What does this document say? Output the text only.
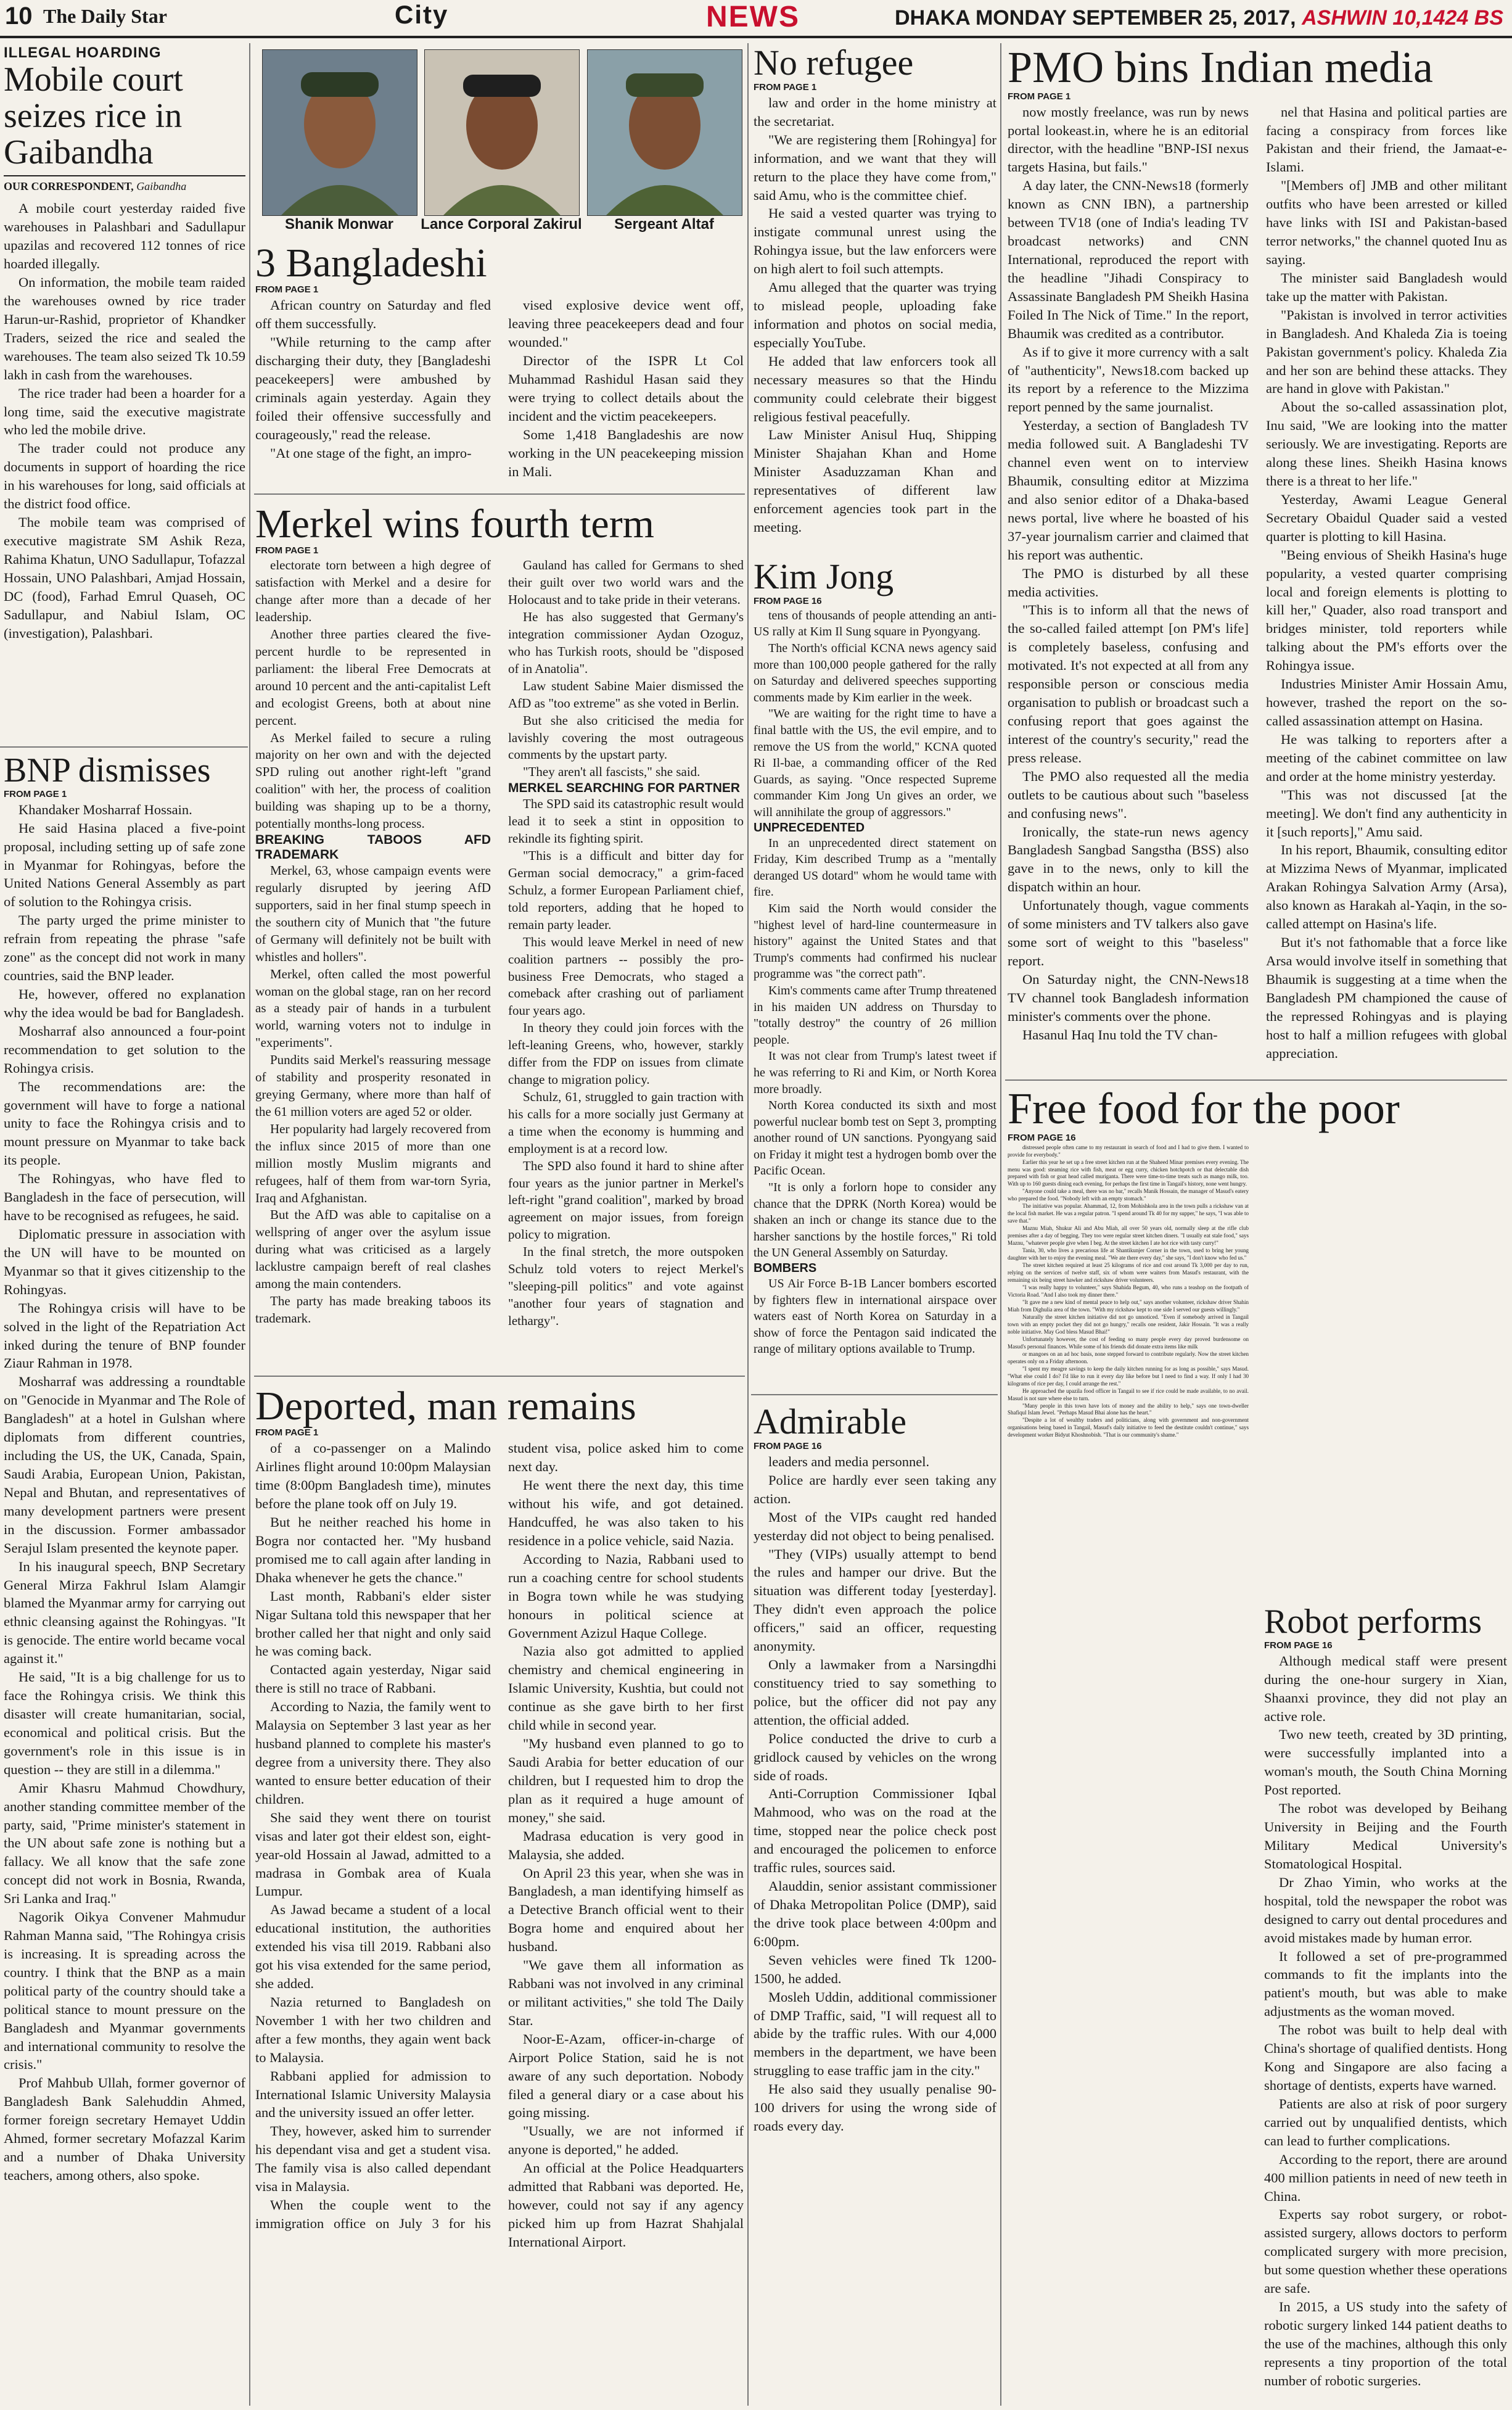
10 The Daily Star	City	NEWS	DHAKA MONDAY SEPTEMBER 25, 2017, ASHWIN 10,1424 BS
ILLEGAL HOARDING
Mobile court seizes rice in Gaibandha
OUR CORRESPONDENT, Gaibandha

A mobile court yesterday raided five warehouses in Palashbari and Sadullapur upazilas and recovered 112 tonnes of rice hoarded illegally.

On information, the mobile team raided the warehouses owned by rice trader Harun-ur-Rashid, proprietor of Khandker Traders, seized the rice and sealed the warehouses. The team also seized Tk 10.59 lakh in cash from the warehouses.

The rice trader had been a hoarder for a long time, said the executive magistrate who led the mobile drive.

The trader could not produce any documents in support of hoarding the rice in his warehouses for long, said officials at the district food office.

The mobile team was comprised of executive magistrate SM Ashik Reza, Rahima Khatun, UNO Sadullapur, Tofazzal Hossain, UNO Palashbari, Amjad Hossain, DC (food), Farhad Emrul Quaseh, OC Sadullapur, and Nabiul Islam, OC (investigation), Palashbari.

BNP dismisses
FROM PAGE 1

Khandaker Mosharraf Hossain.

He said Hasina placed a five-point proposal, including setting up of safe zone in Myanmar for Rohingyas, before the United Nations General Assembly as part of solution to the Rohingya crisis.

The party urged the prime minister to refrain from repeating the phrase "safe zone" as the concept did not work in many countries, said the BNP leader.

He, however, offered no explanation why the idea would be bad for Bangladesh.

Mosharraf also announced a four-point recommendation to get solution to the Rohingya crisis.

The recommendations are: the government will have to forge a national unity to face the Rohingya crisis and to mount pressure on Myanmar to take back its people.

The Rohingyas, who have fled to Bangladesh in the face of persecution, will have to be recognised as refugees, he said.

Diplomatic pressure in association with the UN will have to be mounted on Myanmar so that it gives citizenship to the Rohingyas.

The Rohingya crisis will have to be solved in the light of the Repatriation Act inked during the tenure of BNP founder Ziaur Rahman in 1978.

Mosharraf was addressing a roundtable on "Genocide in Myanmar and The Role of Bangladesh" at a hotel in Gulshan where diplomats from different countries, including the US, the UK, Canada, Spain, Saudi Arabia, European Union, Pakistan, Nepal and Bhutan, and representatives of many development partners were present in the discussion. Former ambassador Serajul Islam presented the keynote paper.

In his inaugural speech, BNP Secretary General Mirza Fakhrul Islam Alamgir blamed the Myanmar army for carrying out ethnic cleansing against the Rohingyas. "It is genocide. The entire world became vocal against it."

He said, "It is a big challenge for us to face the Rohingya crisis. We think this disaster will create humanitarian, social, economical and political crisis. But the government's role in this issue is in question -- they are still in a dilemma."

Amir Khasru Mahmud Chowdhury, another standing committee member of the party, said, "Prime minister's statement in the UN about safe zone is nothing but a fallacy. We all know that the safe zone concept did not work in Bosnia, Rwanda, Sri Lanka and Iraq."

Nagorik Oikya Convener Mahmudur Rahman Manna said, "The Rohingya crisis is increasing. It is spreading across the country. I think that the BNP as a main political party of the country should take a political stance to mount pressure on the Bangladesh and Myanmar governments and international community to resolve the crisis."

Prof Mahbub Ullah, former governor of Bangladesh Bank Salehuddin Ahmed, former foreign secretary Hemayet Uddin Ahmed, former secretary Mofazzal Karim and a number of Dhaka University teachers, among others, also spoke.

Shanik Monwar	Lance Corporal Zakirul	Sergeant Altaf
3 Bangladeshi
FROM PAGE 1

African country on Saturday and fled off them successfully.

"While returning to the camp after discharging their duty, they [Bangladeshi peacekeepers] were ambushed by criminals again yesterday. Again they foiled their offensive successfully and courageously," read the release.

"At one stage of the fight, an impro-

vised explosive device went off, leaving three peacekeepers dead and four wounded."

Director of the ISPR Lt Col Muhammad Rashidul Hasan said they were trying to collect details about the incident and the victim peacekeepers.

Some 1,418 Bangladeshis are now working in the UN peacekeeping mission in Mali.

Merkel wins fourth term
FROM PAGE 1

electorate torn between a high degree of satisfaction with Merkel and a desire for change after more than a decade of her leadership.

Another three parties cleared the five-percent hurdle to be represented in parliament: the liberal Free Democrats at around 10 percent and the anti-capitalist Left and ecologist Greens, both at about nine percent.

As Merkel failed to secure a ruling majority on her own and with the dejected SPD ruling out another right-left "grand coalition" with her, the process of coalition building was shaping up to be a thorny, potentially months-long process.

BREAKING TABOOS AFD TRADEMARK

Merkel, 63, whose campaign events were regularly disrupted by jeering AfD supporters, said in her final stump speech in the southern city of Munich that "the future of Germany will definitely not be built with whistles and hollers".

Merkel, often called the most powerful woman on the global stage, ran on her record as a steady pair of hands in a turbulent world, warning voters not to indulge in "experiments".

Pundits said Merkel's reassuring message of stability and prosperity resonated in greying Germany, where more than half of the 61 million voters are aged 52 or older.

Her popularity had largely recovered from the influx since 2015 of more than one million mostly Muslim migrants and refugees, half of them from war-torn Syria, Iraq and Afghanistan.

But the AfD was able to capitalise on a wellspring of anger over the asylum issue during what was criticised as a largely lacklustre campaign bereft of real clashes among the main contenders.

The party has made breaking taboos its trademark.

Gauland has called for Germans to shed their guilt over two world wars and the Holocaust and to take pride in their veterans.

He has also suggested that Germany's integration commissioner Aydan Ozoguz, who has Turkish roots, should be "disposed of in Anatolia".

Law student Sabine Maier dismissed the AfD as "too extreme" as she voted in Berlin.

But she also criticised the media for lavishly covering the most outrageous comments by the upstart party.

"They aren't all fascists," she said.

MERKEL SEARCHING FOR PARTNER

The SPD said its catastrophic result would lead it to seek a stint in opposition to rekindle its fighting spirit.

"This is a difficult and bitter day for German social democracy," a grim-faced Schulz, a former European Parliament chief, told reporters, adding that he hoped to remain party leader.

This would leave Merkel in need of new coalition partners -- possibly the pro-business Free Democrats, who staged a comeback after crashing out of parliament four years ago.

In theory they could join forces with the left-leaning Greens, who, however, starkly differ from the FDP on issues from climate change to migration policy.

Schulz, 61, struggled to gain traction with his calls for a more socially just Germany at a time when the economy is humming and employment is at a record low.

The SPD also found it hard to shine after four years as the junior partner in Merkel's left-right "grand coalition", marked by broad agreement on major issues, from foreign policy to migration.

In the final stretch, the more outspoken Schulz told voters to reject Merkel's "sleeping-pill politics" and vote against "another four years of stagnation and lethargy".

Deported, man remains
FROM PAGE 1

of a co-passenger on a Malindo Airlines flight around 10:00pm Malaysian time (8:00pm Bangladesh time), minutes before the plane took off on July 19.

But he neither reached his home in Bogra nor contacted her. "My husband promised me to call again after landing in Dhaka whenever he gets the chance."

Last month, Rabbani's elder sister Nigar Sultana told this newspaper that her brother called her that night and only said he was coming back.

Contacted again yesterday, Nigar said there is still no trace of Rabbani.

According to Nazia, the family went to Malaysia on September 3 last year as her husband planned to complete his master's degree from a university there. They also wanted to ensure better education of their children.

She said they went there on tourist visas and later got their eldest son, eight-year-old Hossain al Jawad, admitted to a madrasa in Gombak area of Kuala Lumpur.

As Jawad became a student of a local educational institution, the authorities extended his visa till 2019. Rabbani also got his visa extended for the same period, she added.

Nazia returned to Bangladesh on November 1 with her two children and after a few months, they again went back to Malaysia.

Rabbani applied for admission to International Islamic University Malaysia and the university issued an offer letter.

They, however, asked him to surrender his dependant visa and get a student visa. The family visa is also called dependant visa in Malaysia.

When the couple went to the immigration office on July 3 for his student visa, police asked him to come next day.

He went there the next day, this time without his wife, and got detained. Handcuffed, he was also taken to his residence in a police vehicle, said Nazia.

According to Nazia, Rabbani used to run a coaching centre for school students in Bogra town while he was studying honours in political science at Government Azizul Haque College.

Nazia also got admitted to applied chemistry and chemical engineering in Islamic University, Kushtia, but could not continue as she gave birth to her first child while in second year.

"My husband even planned to go to Saudi Arabia for better education of our children, but I requested him to drop the plan as it required a huge amount of money," she said.

Madrasa education is very good in Malaysia, she added.

On April 23 this year, when she was in Bangladesh, a man identifying himself as a Detective Branch official went to their Bogra home and enquired about her husband.

"We gave them all information as Rabbani was not involved in any criminal or militant activities," she told The Daily Star.

Noor-E-Azam, officer-in-charge of Airport Police Station, said he is not aware of any such deportation. Nobody filed a general diary or a case about his going missing.

"Usually, we are not informed if anyone is deported," he added.

An official at the Police Headquarters admitted that Rabbani was deported. He, however, could not say if any agency picked him up from Hazrat Shahjalal International Airport.

No refugee
FROM PAGE 1

law and order in the home ministry at the secretariat.

"We are registering them [Rohingya] for information, and we want that they will return to the place they have come from," said Amu, who is the committee chief.

He said a vested quarter was trying to instigate communal unrest using the Rohingya issue, but the law enforcers were on high alert to foil such attempts.

Amu alleged that the quarter was trying to mislead people, uploading fake information and photos on social media, especially YouTube.

He added that law enforcers took all necessary measures so that the Hindu community could celebrate their biggest religious festival peacefully.

Law Minister Anisul Huq, Shipping Minister Shajahan Khan and Home Minister Asaduzzaman Khan and representatives of different law enforcement agencies took part in the meeting.

Kim Jong
FROM PAGE 16

tens of thousands of people attending an anti-US rally at Kim Il Sung square in Pyongyang.

The North's official KCNA news agency said more than 100,000 people gathered for the rally on Saturday and delivered speeches supporting comments made by Kim earlier in the week.

"We are waiting for the right time to have a final battle with the US, the evil empire, and to remove the US from the world," KCNA quoted Ri Il-bae, a commanding officer of the Red Guards, as saying. "Once respected Supreme commander Kim Jong Un gives an order, we will annihilate the group of aggressors."

UNPRECEDENTED

In an unprecedented direct statement on Friday, Kim described Trump as a "mentally deranged US dotard" whom he would tame with fire.

Kim said the North would consider the "highest level of hard-line countermeasure in history" against the United States and that Trump's comments had confirmed his nuclear programme was "the correct path".

Kim's comments came after Trump threatened in his maiden UN address on Thursday to "totally destroy" the country of 26 million people.

It was not clear from Trump's latest tweet if he was referring to Ri and Kim, or North Korea more broadly.

North Korea conducted its sixth and most powerful nuclear bomb test on Sept 3, prompting another round of UN sanctions. Pyongyang said on Friday it might test a hydrogen bomb over the Pacific Ocean.

"It is only a forlorn hope to consider any chance that the DPRK (North Korea) would be shaken an inch or change its stance due to the harsher sanctions by the hostile forces," Ri told the UN General Assembly on Saturday.

BOMBERS

US Air Force B-1B Lancer bombers escorted by fighters flew in international airspace over waters east of North Korea on Saturday in a show of force the Pentagon said indicated the range of military options available to Trump.

Admirable
FROM PAGE 16

leaders and media personnel.

Police are hardly ever seen taking any action.

Most of the VIPs caught red handed yesterday did not object to being penalised.

"They (VIPs) usually attempt to bend the rules and hamper our drive. But the situation was different today [yesterday]. They didn't even approach the police officers," said an officer, requesting anonymity.

Only a lawmaker from a Narsingdhi constituency tried to say something to police, but the officer did not pay any attention, the official added.

Police conducted the drive to curb a gridlock caused by vehicles on the wrong side of roads.

Anti-Corruption Commissioner Iqbal Mahmood, who was on the road at the time, stopped near the police check post and encouraged the policemen to enforce traffic rules, sources said.

Alauddin, senior assistant commissioner of Dhaka Metropolitan Police (DMP), said the drive took place between 4:00pm and 6:00pm.

Seven vehicles were fined Tk 1200-1500, he added.

Mosleh Uddin, additional commissioner of DMP Traffic, said, "I will request all to abide by the traffic rules. With our 4,000 members in the department, we have been struggling to ease traffic jam in the city."

He also said they usually penalise 90-100 drivers for using the wrong side of roads every day.

PMO bins Indian media
FROM PAGE 1

now mostly freelance, was run by news portal lookeast.in, where he is an editorial director, with the headline "BNP-ISI nexus targets Hasina, but fails."

A day later, the CNN-News18 (formerly known as CNN IBN), a partnership between TV18 (one of India's leading TV broadcast networks) and CNN International, reproduced the report with the headline "Jihadi Conspiracy to Assassinate Bangladesh PM Sheikh Hasina Foiled In The Nick of Time." In the report, Bhaumik was credited as a contributor.

As if to give it more currency with a salt of "authenticity", News18.com backed up its report by a reference to the Mizzima report penned by the same journalist.

Yesterday, a section of Bangladesh TV media followed suit. A Bangladeshi TV channel even went on to interview Bhaumik, consulting editor at Mizzima and also senior editor of a Dhaka-based news portal, live where he boasted of his 37-year journalism carrier and claimed that his report was authentic.

The PMO is disturbed by all these media activities.

"This is to inform all that the news of the so-called failed attempt [on PM's life] is completely baseless, confusing and motivated. It's not expected at all from any responsible person or conscious media organisation to publish or broadcast such a confusing report that goes against the interest of the country's security," read the press release.

The PMO also requested all the media outlets to be cautious about such "baseless and confusing news".

Ironically, the state-run news agency Bangladesh Sangbad Sangstha (BSS) also gave in to the news, only to kill the dispatch within an hour.

Unfortunately though, vague comments of some ministers and TV talkers also gave some sort of weight to this "baseless" report.

On Saturday night, the CNN-News18 TV channel took Bangladesh information minister's comments over the phone.

Hasanul Haq Inu told the TV chan-

nel that Hasina and political parties are facing a conspiracy from forces like Pakistan and their friend, the Jamaat-e-Islami.

"[Members of] JMB and other militant outfits who have been arrested or killed have links with ISI and Pakistan-based terror networks," the channel quoted Inu as saying.

The minister said Bangladesh would take up the matter with Pakistan.

"Pakistan is involved in terror activities in Bangladesh. And Khaleda Zia is toeing Pakistan government's policy. Khaleda Zia and her son are behind these attacks. They are hand in glove with Pakistan."

About the so-called assassination plot, Inu said, "We are looking into the matter seriously. We are investigating. Reports are along these lines. Sheikh Hasina knows there is a threat to her life."

Yesterday, Awami League General Secretary Obaidul Quader said a vested quarter is plotting to kill Hasina.

"Being envious of Sheikh Hasina's huge popularity, a vested quarter comprising local and foreign elements is plotting to kill her," Quader, also road transport and bridges minister, told reporters while talking about the PM's efforts over the Rohingya issue.

Industries Minister Amir Hossain Amu, however, trashed the report on the so-called assassination attempt on Hasina.

He was talking to reporters after a meeting of the cabinet committee on law and order at the home ministry yesterday.

"This was not discussed [at the meeting]. We don't find any authenticity in it [such reports]," Amu said.

In his report, Bhaumik, consulting editor at Mizzima News of Myanmar, implicated Arakan Rohingya Salvation Army (Arsa), also known as Harakah al-Yaqin, in the so-called attempt on Hasina's life.

But it's not fathomable that a force like Arsa would involve itself in something that Bhaumik is suggesting at a time when the Bangladesh PM championed the cause of the repressed Rohingyas and is playing host to half a million refugees with global appreciation.

Free food for the poor
FROM PAGE 16

distressed people often came to my restaurant in search of food and I had to give them. I wanted to provide for everybody."

Earlier this year he set up a free street kitchen run at the Shaheed Minar premises every evening. The menu was good: steaming rice with fish, meat or egg curry, chicken hotchpotch or that delectable dish prepared with fish or goat head called muriganta. There were time-to-time treats such as mango milk, too. With up to 160 guests dining each evening, for perhaps the first time in Tangail's history, none went hungry.

"Anyone could take a meal, there was no bar," recalls Manik Hossain, the manager of Masud's eatery who prepared the food. "Nobody left with an empty stomach."

The initiative was popular. Ahammad, 12, from Mohishkola area in the town pulls a rickshaw van at the local fish market. He was a regular patron. "I spend around Tk 40 for my supper," he says, "I was able to save that."

Maznu Miah, Shukur Ali and Abu Miah, all over 50 years old, normally sleep at the rifle club premises after a day of begging. They too were regular street kitchen diners. "I usually eat stale food," says Maznu, "whatever people give when I beg. At the street kitchen I ate hot rice with tasty curry!"

Tania, 30, who lives a precarious life at Shantikunjer Corner in the town, used to bring her young daughter with her to enjoy the evening meal. "We ate there every day," she says, "I don't know who fed us."

The street kitchen required at least 25 kilograms of rice and cost around Tk 3,000 per day to run, relying on the services of twelve staff, six of whom were waiters from Masud's restaurant, with the remaining six being street hawker and rickshaw driver volunteers.

"I was really happy to volunteer," says Shahida Begum, 40, who runs a teashop on the footpath of Victoria Road. "And I also took my dinner there."

"It gave me a new kind of mental peace to help out," says another volunteer, rickshaw driver Shahin Miah from Dighulia area of the town. "With my rickshaw kept to one side I served our guests willingly."

Naturally the street kitchen initiative did not go unnoticed. "Even if somebody arrived in Tangail town with an empty pocket they did not go hungry," recalls one resident, Jakir Hossain. "It was a really noble initiative. May God bless Masud Bhai!"

Unfortunately however, the cost of feeding so many people every day proved burdensome on Masud's personal finances. While some of his friends did donate extra items like milk

or mangoes on an ad hoc basis, none stepped forward to contribute regularly. Now the street kitchen operates only on a Friday afternoon.

"I spent my meagre savings to keep the daily kitchen running for as long as possible," says Masud. "What else could I do? I'd like to run it every day like before but I need to find a way. If only I had 30 kilograms of rice per day, I could arrange the rest."

He approached the upazila food officer in Tangail to see if rice could be made available, to no avail. Masud is not sure where else to turn.

"Many people in this town have lots of money and the ability to help," says one town-dweller Shafiqul Islam Jewel. "Perhaps Masud Bhai alone has the heart."

"Despite a lot of wealthy traders and politicians, along with government and non-government organisations being based in Tangail, Masud's daily initiative to feed the destitute couldn't continue," says development worker Bidyut Khoshnobish. "That is our community's shame."

Robot performs
FROM PAGE 16

Although medical staff were present during the one-hour surgery in Xian, Shaanxi province, they did not play an active role.

Two new teeth, created by 3D printing, were successfully implanted into a woman's mouth, the South China Morning Post reported.

The robot was developed by Beihang University in Beijing and the Fourth Military Medical University's Stomatological Hospital.

Dr Zhao Yimin, who works at the hospital, told the newspaper the robot was designed to carry out dental procedures and avoid mistakes made by human error.

It followed a set of pre-programmed commands to fit the implants into the patient's mouth, but was able to make adjustments as the woman moved.

The robot was built to help deal with China's shortage of qualified dentists. Hong Kong and Singapore are also facing a shortage of dentists, experts have warned.

Patients are also at risk of poor surgery carried out by unqualified dentists, which can lead to further complications.

According to the report, there are around 400 million patients in need of new teeth in China.

Experts say robot surgery, or robot-assisted surgery, allows doctors to perform complicated surgery with more precision, but some question whether these operations are safe.

In 2015, a US study into the safety of robotic surgery linked 144 patient deaths to the use of the machines, although this only represents a tiny proportion of the total number of robotic surgeries.
